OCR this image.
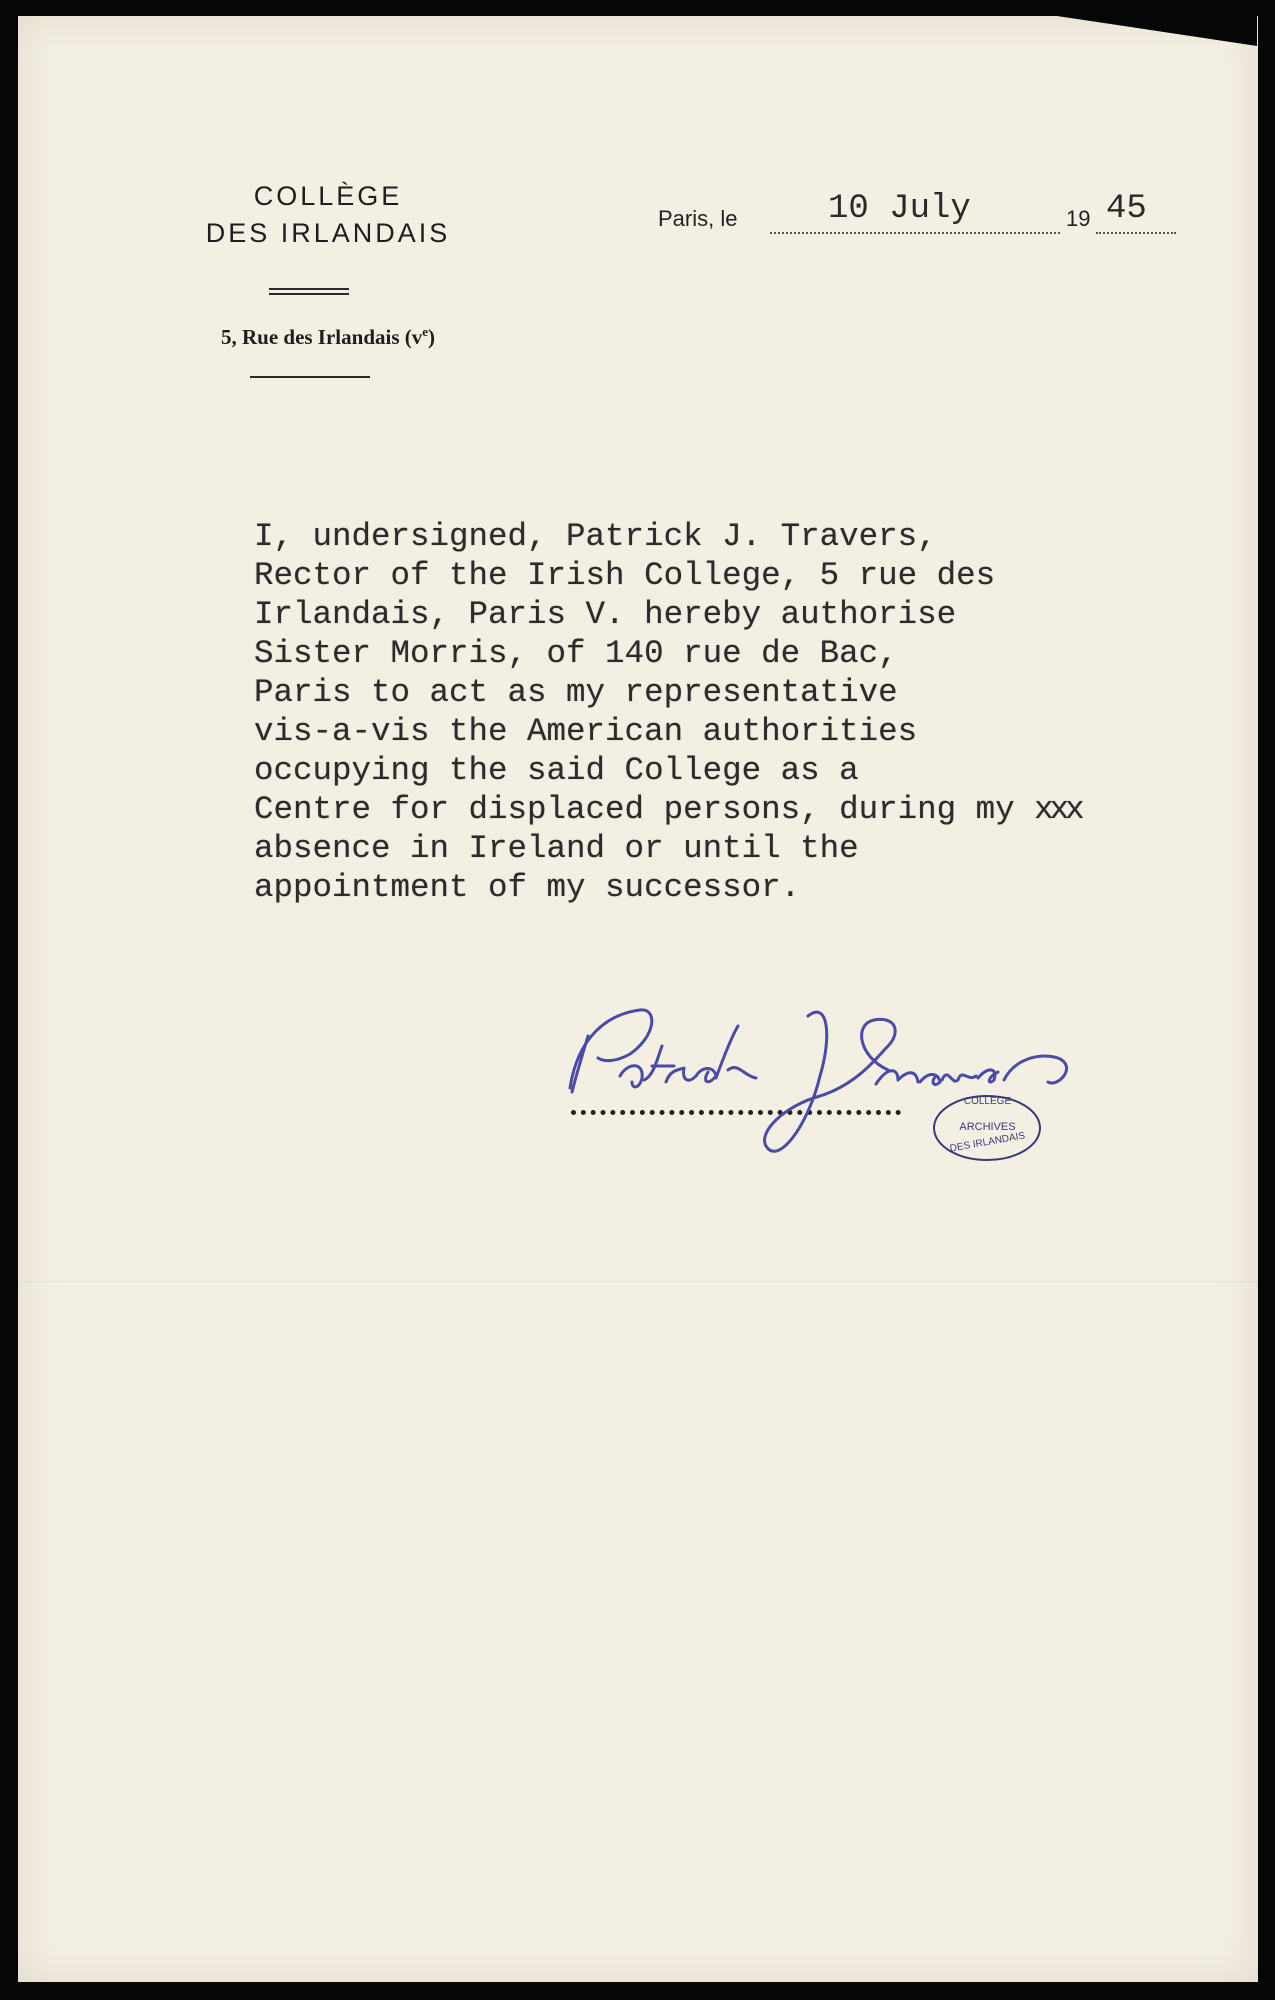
COLLÈGE
DES IRLANDAIS
5, Rue des Irlandais $(v^e)$
Paris, le	10 July	19 45
I, undersigned, Patrick J. Travers,
Rector of the Irish College, 5 rue des
Irlandais, Paris V. hereby authorise
Sister Morris, of 140 rue de Bac,
Paris to act as my representative
vis-a-vis the American authorities
occupying the said College as a
Centre for displaced persons, during my xxx
absence in Ireland or until the
appointment of my successor.
COLLEGE
ARCHIVES
DES IRLANDAIS
